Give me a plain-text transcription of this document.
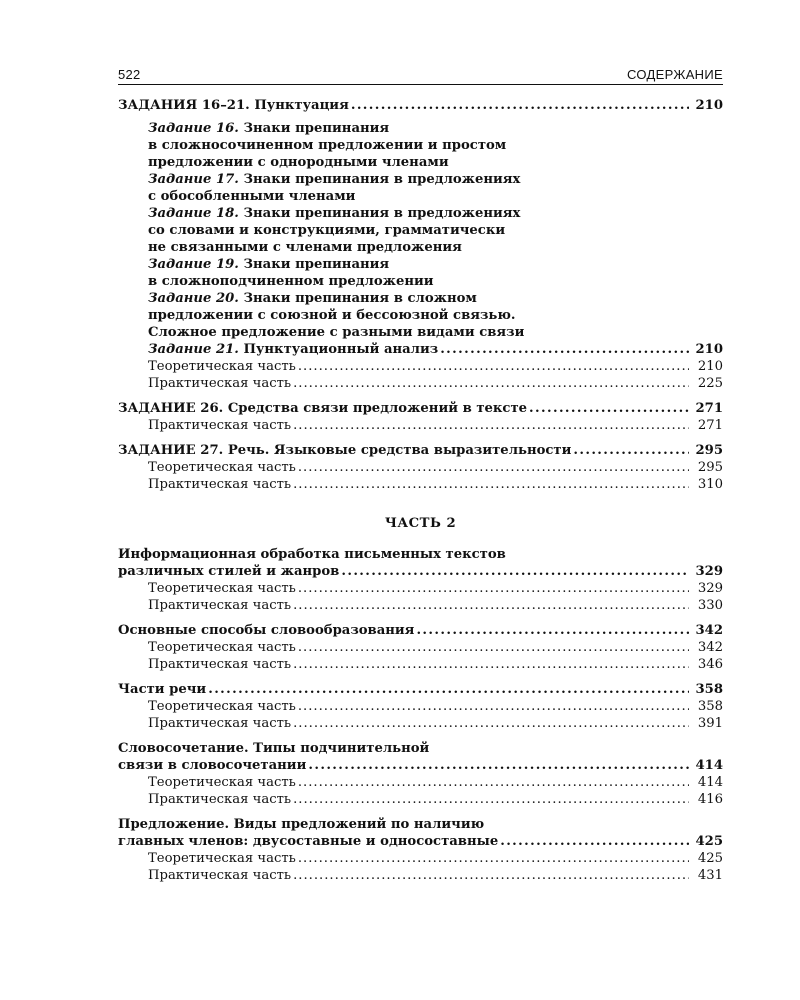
522	СОДЕРЖАНИЕ
ЗАДАНИЯ 16–21. Пунктуация . . .	210
Задание 16. Знаки препинания
в сложносочиненном предложении и простом
предложении с однородными членами
Задание 17. Знаки препинания в предложениях
с обособленными членами
Задание 18. Знаки препинания в предложениях
со словами и конструкциями, грамматически
не связанными с членами предложения
Задание 19. Знаки препинания
в сложноподчиненном предложении
Задание 20. Знаки препинания в сложном
предложении с союзной и бессоюзной связью.
Сложное предложение с разными видами связи
Задание 21. Пунктуационный анализ . . .	210
Теоретическая часть . . .	210
Практическая часть . . .	225
ЗАДАНИЕ 26. Средства связи предложений в тексте . . .	271
Практическая часть . . .	271
ЗАДАНИЕ 27. Речь. Языковые средства выразительности . . .	295
Теоретическая часть . . .	295
Практическая часть . . .	310
ЧАСТЬ 2
Информационная обработка письменных текстов
различных стилей и жанров . . .	329
Теоретическая часть . . .	329
Практическая часть . . .	330
Основные способы словообразования . . .	342
Теоретическая часть . . .	342
Практическая часть . . .	346
Части речи . . .	358
Теоретическая часть . . .	358
Практическая часть . . .	391
Словосочетание. Типы подчинительной
связи в словосочетании . . .	414
Теоретическая часть . . .	414
Практическая часть . . .	416
Предложение. Виды предложений по наличию
главных членов: двусоставные и односоставные . . .	425
Теоретическая часть . . .	425
Практическая часть . . .	431
